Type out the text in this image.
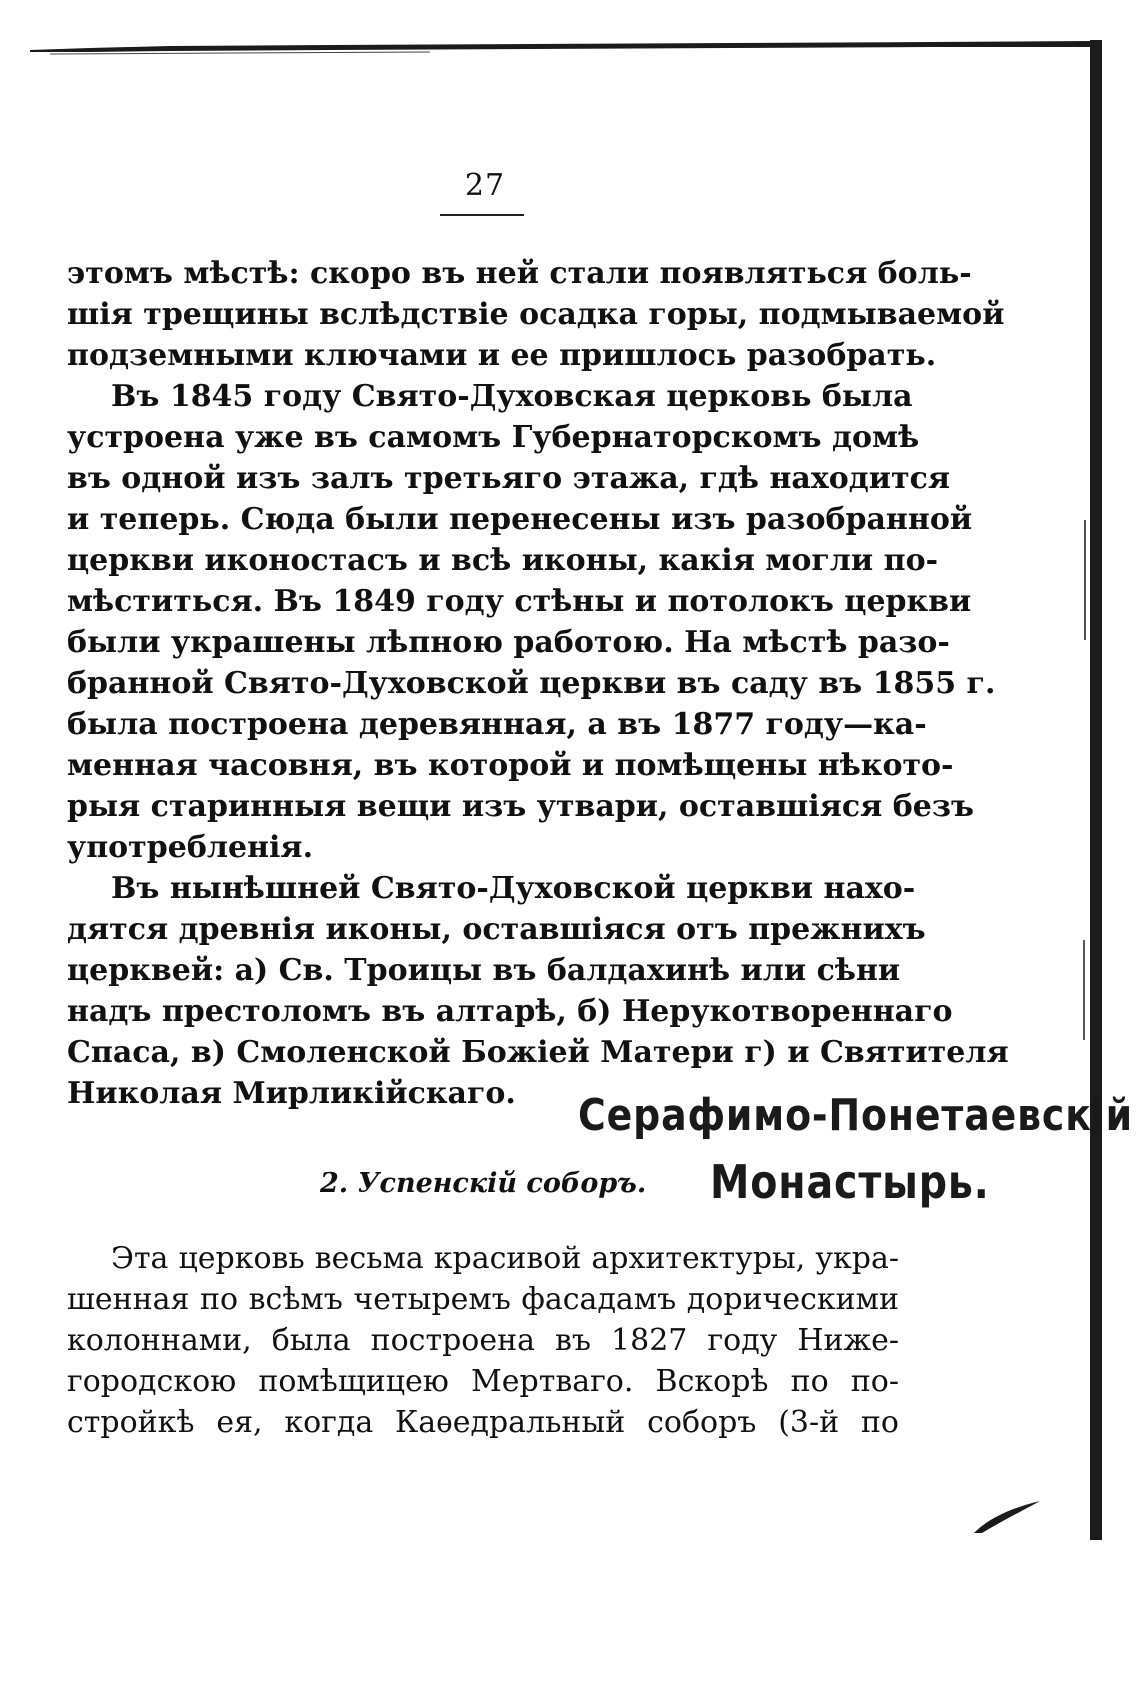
27
этомъ мѣстѣ: скоро въ ней стали появляться боль-
шія трещины вслѣдствіе осадка горы, подмываемой
подземными ключами и ее пришлось разобрать.
Въ 1845 году Свято-Духовская церковь была
устроена уже въ самомъ Губернаторскомъ домѣ
въ одной изъ залъ третьяго этажа, гдѣ находится
и теперь. Сюда были перенесены изъ разобранной
церкви иконостасъ и всѣ иконы, какія могли по-
мѣститься. Въ 1849 году стѣны и потолокъ церкви
были украшены лѣпною работою. На мѣстѣ разо-
бранной Свято-Духовской церкви въ саду въ 1855 г.
была построена деревянная, а въ 1877 году—ка-
менная часовня, въ которой и помѣщены нѣкото-
рыя старинныя вещи изъ утвари, оставшіяся безъ
употребленія.
Въ нынѣшней Свято-Духовской церкви нахо-
дятся древнія иконы, оставшіяся отъ прежнихъ
церквей: а) Св. Троицы въ балдахинѣ или сѣни
надъ престоломъ въ алтарѣ, б) Нерукотвореннаго
Спаса, в) Смоленской Божіей Матери г) и Святителя
Николая Мирликійскаго.
2. Успенскій соборъ.
Серафимо-Понетаевскій
Монастырь.
Эта церковь весьма красивой архитектуры, укра-
шенная по всѣмъ четыремъ фасадамъ дорическими
колоннами, была построена въ 1827 году Ниже-
городскою помѣщицею Мертваго. Вскорѣ по по-
стройкѣ ея, когда Каѳедральный соборъ (3-й по
